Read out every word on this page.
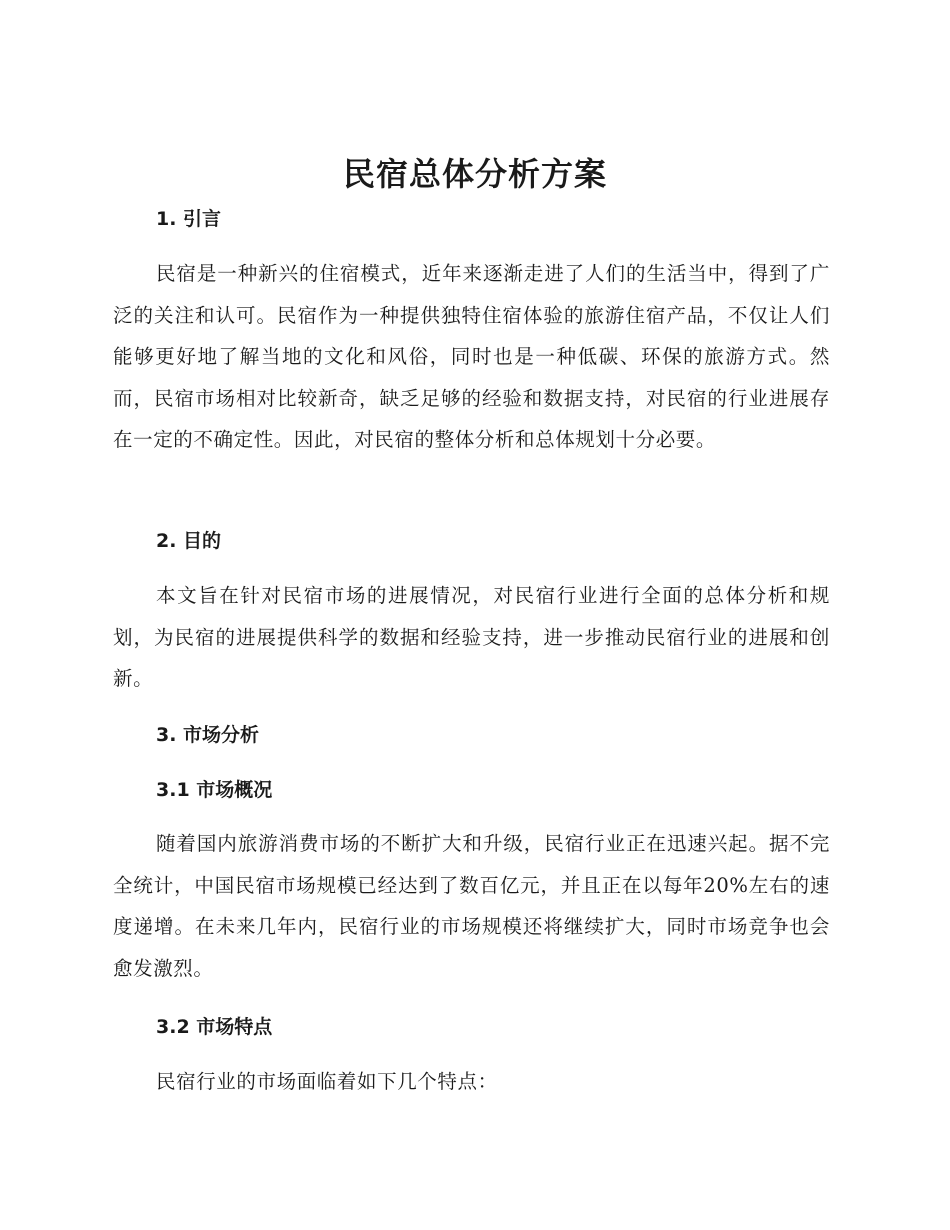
民宿总体分析方案
1. 引言

民宿是一种新兴的住宿模式，近年来逐渐走进了人们的生活当中，得到了广泛的关注和认可。民宿作为一种提供独特住宿体验的旅游住宿产品，不仅让人们能够更好地了解当地的文化和风俗，同时也是一种低碳、环保的旅游方式。然而，民宿市场相对比较新奇，缺乏足够的经验和数据支持，对民宿的行业进展存在一定的不确定性。因此，对民宿的整体分析和总体规划十分必要。

2. 目的

本文旨在针对民宿市场的进展情况，对民宿行业进行全面的总体分析和规划，为民宿的进展提供科学的数据和经验支持，进一步推动民宿行业的进展和创新。

3. 市场分析
3.1 市场概况

随着国内旅游消费市场的不断扩大和升级，民宿行业正在迅速兴起。据不完全统计，中国民宿市场规模已经达到了数百亿元，并且正在以每年20%左右的速度递增。在未来几年内，民宿行业的市场规模还将继续扩大，同时市场竞争也会愈发激烈。

3.2 市场特点

民宿行业的市场面临着如下几个特点：
